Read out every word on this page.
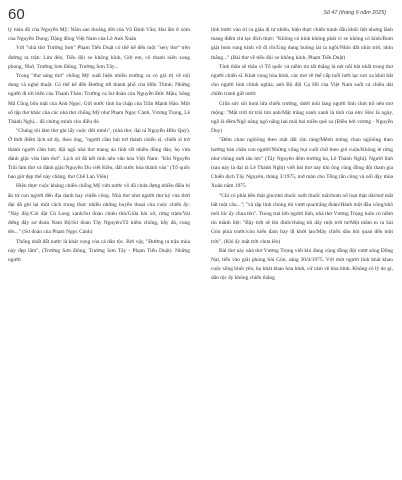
60	Số 47 (tháng 6 năm 2025)

lý mâu đồ của Nguyễn Mỹ; Nắm sao thoắng đời của Võ Đình Văn; Hai ấm ở xóm của Nguyễn Dung; Dặng đồng Việt Nam của Lê Anh Xuân

Với "nhà thơ Trường Sơn" Phạm Tiến Duật có thể kể đến một "sery thơ" trên đường ra trận: Lửa đèn, Tiểu đội xe không kính, Gửi em, cô thanh niên xung phong, Nhớ, Trường Sơn Đông, Trường Sơn Tây...

Trong "thơ sáng thơ" chống Mỹ xuất hiện nhiều trường ca có giá trị về nội dung và nghệ thuật. Có thể kể đến Đường tới thành phố của Hữu Thỉnh; Những người đi tới biển của Thanh Thảo; Trường ca Sư đoàn của Nguyễn Đức Mậu; Sông Mã Cũng bốn mặt của Anh Ngọc, Gửi nước tĩnh ba chặp của Trần Mạnh Hảo. Một số tập thơ khác của các nhà thơ chống Mỹ như Phạm Ngọc Cảnh, Vương Trọng, Lê Thành Nghị... đã chứng minh cho điều đó

"Chúng tôi làm thơ ghi lấy cuộc đời mình", (nhà thơ, đại tá Nguyễn Hữu Quý). Ở thời điểm lịch sử ấy, theo ông, "người cầm bút trở thành chiến sĩ, chiến sĩ trở thành người cầm bút; đội ngũ nhà thơ mang áo lính rất nhiều đông đảo, họ vừa đánh giặc vừa làm thơ". Lịch sử đã kết tinh nên văn hóa Việt Nam: "Khi Nguyễn Trãi làm thơ và đánh giặc/Nguyễn Du viết Kiều, đất nước hóa thành văn" (Tố quốc bao giờ đẹp thế này chăng, thơ Chế Lan Viên)

Hiện thực cuộc kháng chiến chống Mỹ cứu nước vô đã chứa đựng nhiều điều bi ẩn từ con người đến địa danh hay chiến công. Nhà thơ như người thư ký của thời đại đã ghi lại một cách trung thực nhiều những huyền thoại của cuộc chiến ấy: "Này đây/Cái đặt Củ Long xanh/Sư đoàn chiêu thủ/Giữa bài xờ, rừng tràm/Vai đứng đây sư đoàn Nam Bộ/Sư đoàn Tây Nguyên/Tổ kiểm chống, bẫy đá, cung tên..." (Sư đoàn của Phạm Ngọc Cảnh)

Thống nhất đất nước là khát vọng của cả dân tộc. Bởi vậy, "Đường ra trận mùa này đẹp lắm", (Trường Sơn Đông, Trường Sơn Tây - Phạm Tiến Duật). Những người

lính bước vào trí ca giàn dị tự nhiên, hiện thực chiến tranh đầu khốc liệt nhưng lãnh mang điểm chỉ lạc đích thực: "Không có kính không phải vì xe không có kính/Bom giật bom rung kính vỡ đi rồi/Ung dung buồng lái ta ngồi/Nhìn đất nhìn trời, nhìn thẳng..." (Bài thơ về tiểu đội xe không kính, Phạm Tiến Duật)

Tính thần sẽ thân vì Tổ quốc và niềm tin tất thắng là nét nổi bật nhất trong thơ người chiến sĩ. Khát vọng hòa bình, các mơ về thế cấp tuổi lười lạc nơi xa khói bắt cho người lính chính nghĩa, anh Bộ đội Cụ Hồ của Việt Nam suốt cả chiều dài chiến tranh giữ nước

Giữa sức sôi bom lửa chiến trường, dưới mũi làng người lính chót trõ nên mơ mộng: "Mặt trời từ trái tim anh/Mặt trăng xanh xanh là tình của em/ Hóc lá ngày, ngõ là đêm/Ngõ năng ngô nắng hai mái hai miền quê xa (Điều bởi vương - Nguyễn Duy)

"Đêm chao ngôiông theo mặt đất rộn ràng/Mênh mông chao ngôiông theo hướng bàn chân con người/Những vống bụi cuối chữ theo gió cuộn/Không lẻ rừng như chúng mới tàn lực" (Tây Nguyên đêm trường ba, Lê Thành Nghị). Người lính (sau này là đại tá Lê Thành Nghị) viết bài thơ này khi ông cùng đồng đội tham gia Chiến dịch Tây Nguyên, tháng 3/1975, mở màn cho Tổng tấn công và nổi dậy mùa Xuân năm 1975

"Chỉ có phải bền thật gìn/nhỏ thuốc suốt thuốc mãi/bom nổ loạt thật dài/mở mắt bất một câu..."; "và rập lính chúng tôi vượt qua/trắng đoàn/Hành một đầu công/nhô môi lúc ấy chua tên". Trong trai lớn người lính, nhà thơ Vương Trọng luôn có niềm tin mãnh liệt: "Bậy trời sẽ lên đỉnh/chúng tôi dây một trời tư/Một mầm to ra Sài Gòn phía trước/còn kiến đam bay đi khởi lao/Mây chiến dâu hỏi quan đến một trời", (Khi ấy mặt trời chưa lên)

Bài thơ này nhà thơ Vương Trọng viết khi đang cùng đồng đội vượt sông Đồng Nai, tiến vào giải phóng Sài Gòn, sáng 30/4/1975. Với một người lính khát khao cuộc sống bình yên, họ khát khao hòa bình, cứ cảm về hòa bình. Không có lý do gì, dân tộc ấy không chiến thắng
